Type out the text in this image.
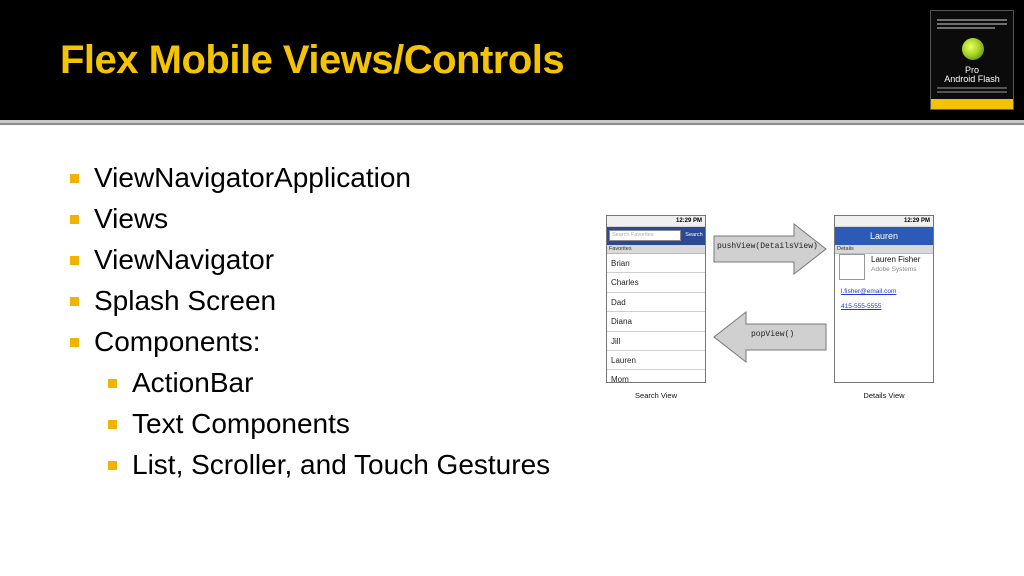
Flex Mobile Views/Controls	Pro
Android Flash
ViewNavigatorApplication
Views
ViewNavigator
Splash Screen
Components:
ActionBar
Text Components
List, Scroller, and Touch Gestures
12:29 PM
Search Favorites	Search
Favorites
Brian
Charles
Dad
Diana
Jill
Lauren
Mom
Search View
pushView(DetailsView)
popView()
12:29 PM
Lauren
Details
Lauren Fisher
Adobe Systems
l.fisher@email.com
415-555-5555
Details View
